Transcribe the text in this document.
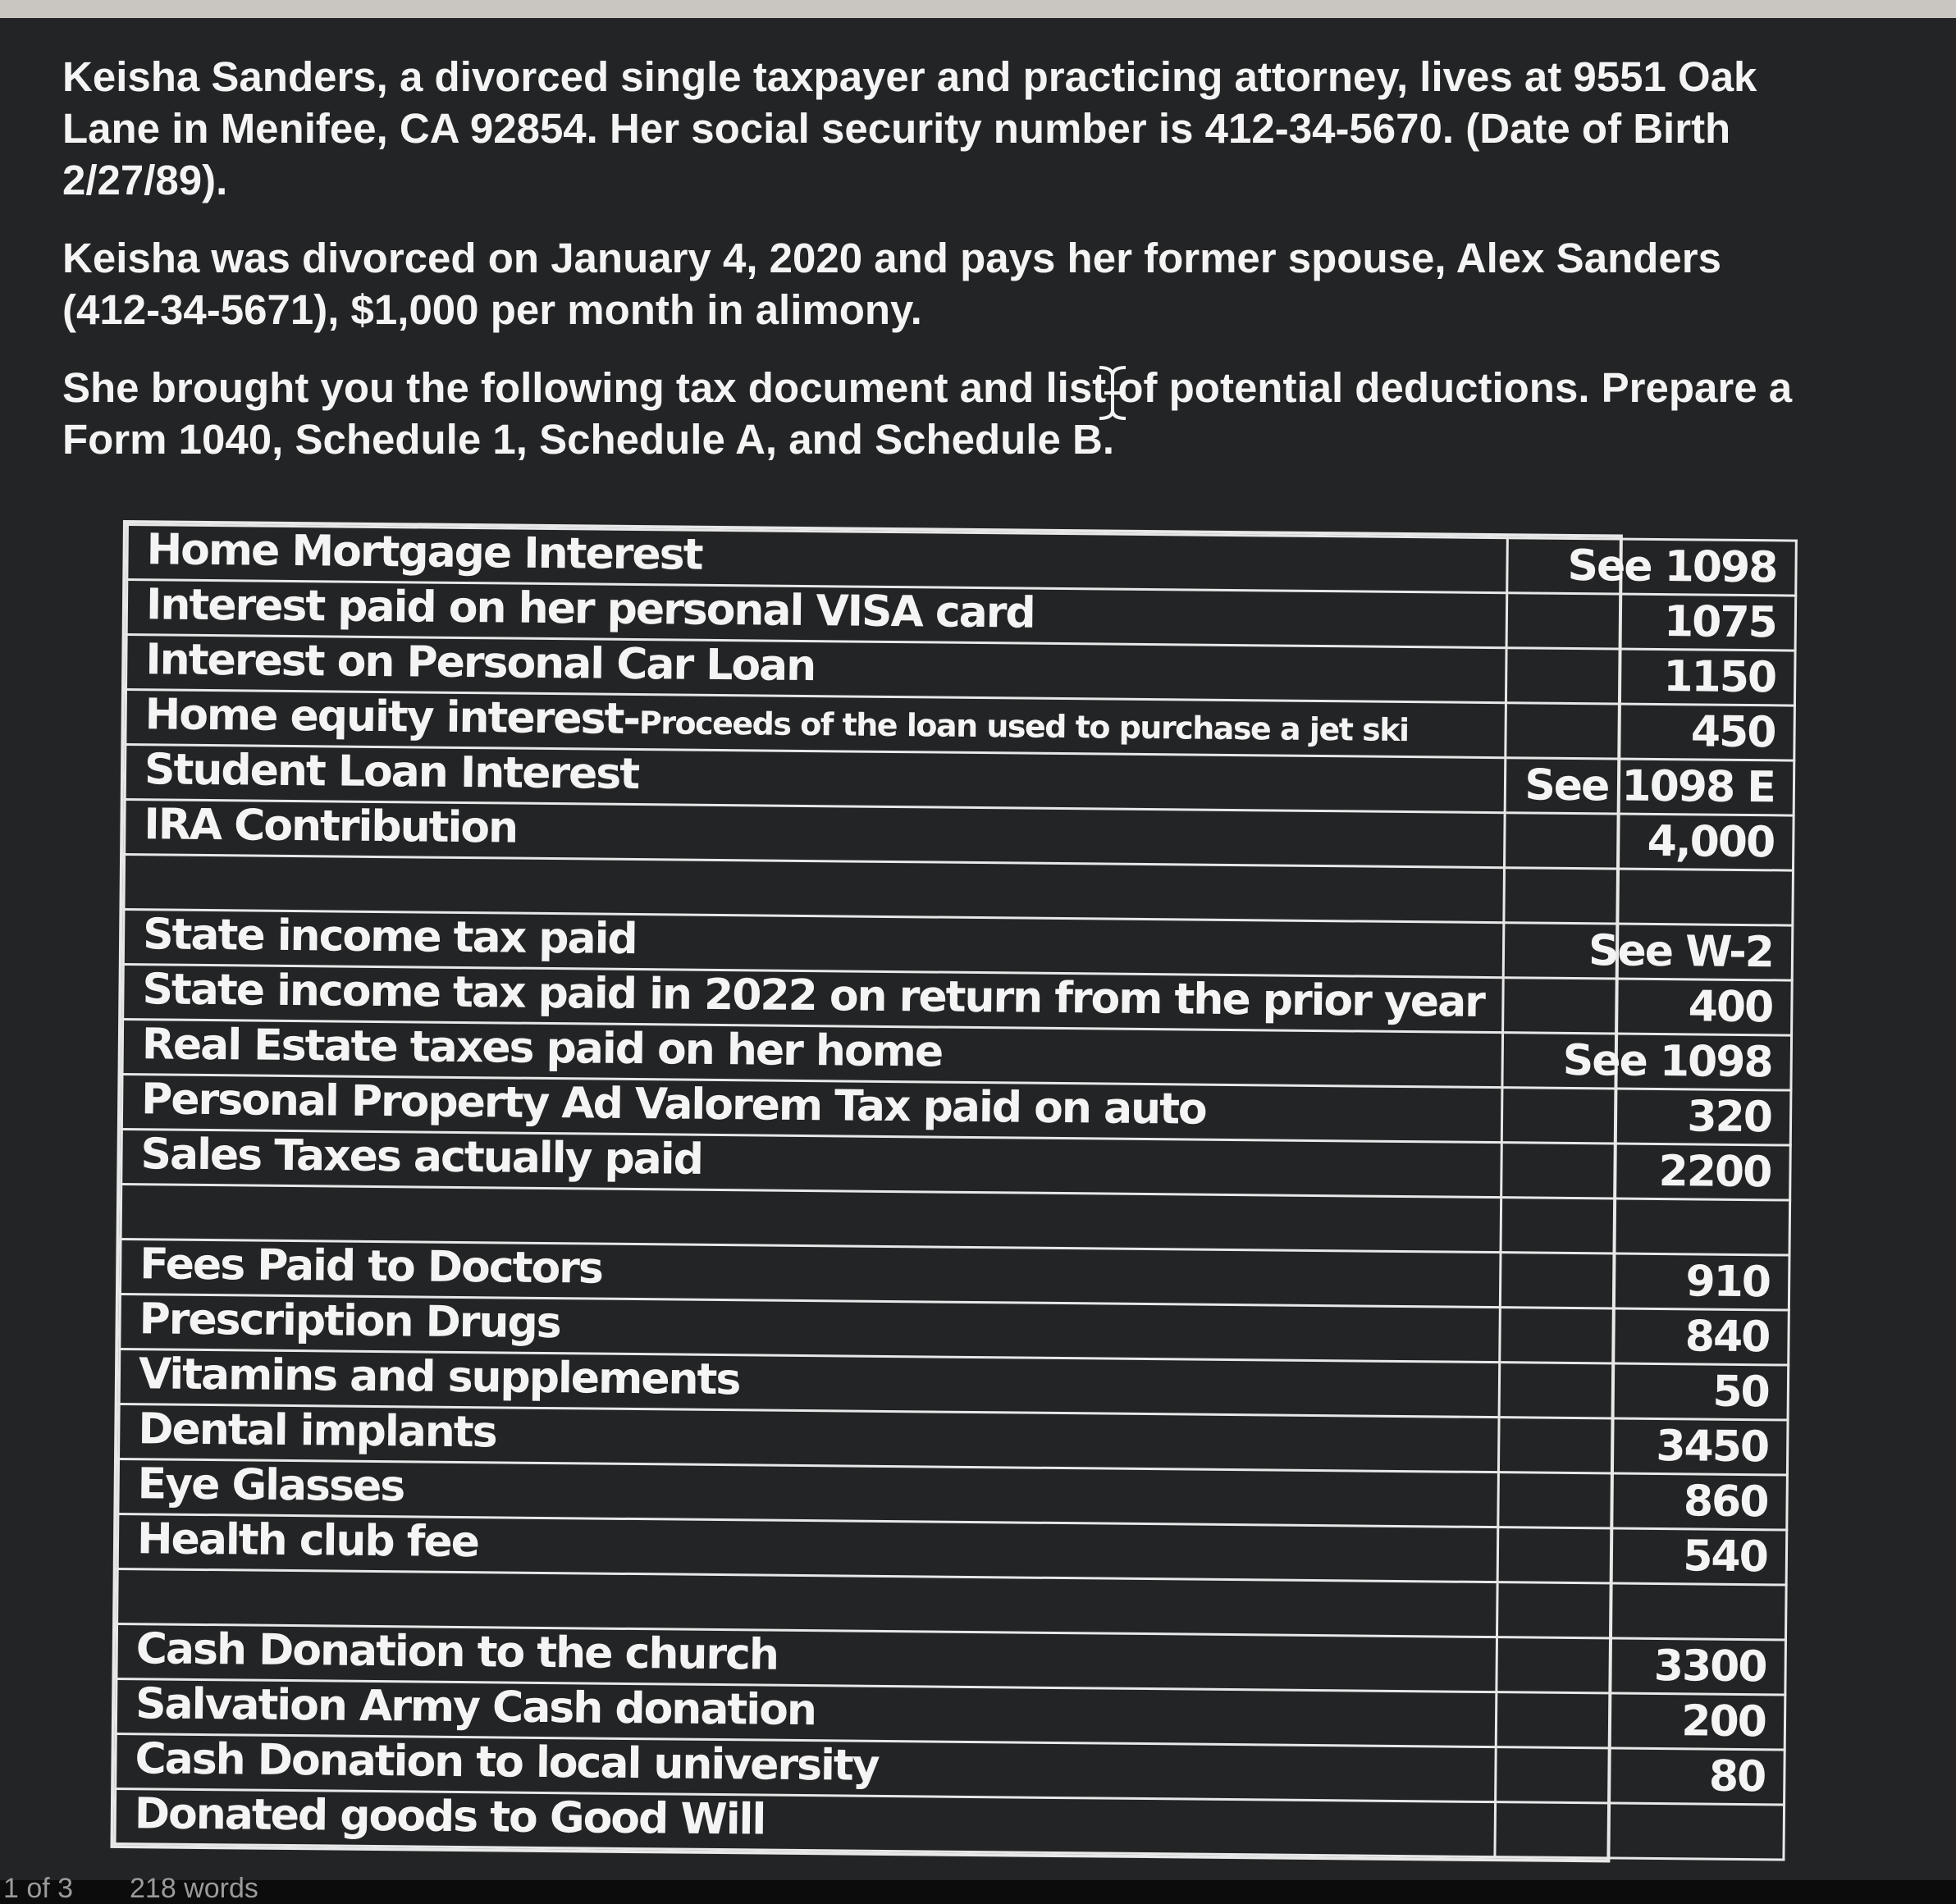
Keisha Sanders, a divorced single taxpayer and practicing attorney, lives at 9551 Oak Lane in Menifee, CA 92854. Her social security number is 412-34-5670. (Date of Birth 2/27/89).

Keisha was divorced on January 4, 2020 and pays her former spouse, Alex Sanders (412-34-5671), $1,000 per month in alimony.

She brought you the following tax document and list
of potential deductions. Prepare a Form 1040, Schedule 1, Schedule A, and Schedule B.

Home Mortgage Interest	See 1098
Interest paid on her personal VISA card	1075
Interest on Personal Car Loan	1150
Home equity interest-Proceeds of the loan used to purchase a jet ski	450
Student Loan Interest	See 1098 E
IRA Contribution	4,000

State income tax paid	See W-2
State income tax paid in 2022 on return from the prior year	400
Real Estate taxes paid on her home	See 1098
Personal Property Ad Valorem Tax paid on auto	320
Sales Taxes actually paid	2200

Fees Paid to Doctors	910
Prescription Drugs	840
Vitamins and supplements	50
Dental implants	3450
Eye Glasses	860
Health club fee	540

Cash Donation to the church	3300
Salvation Army Cash donation	200
Cash Donation to local university	80
Donated goods to Good Will	
1 of 3 218 words
